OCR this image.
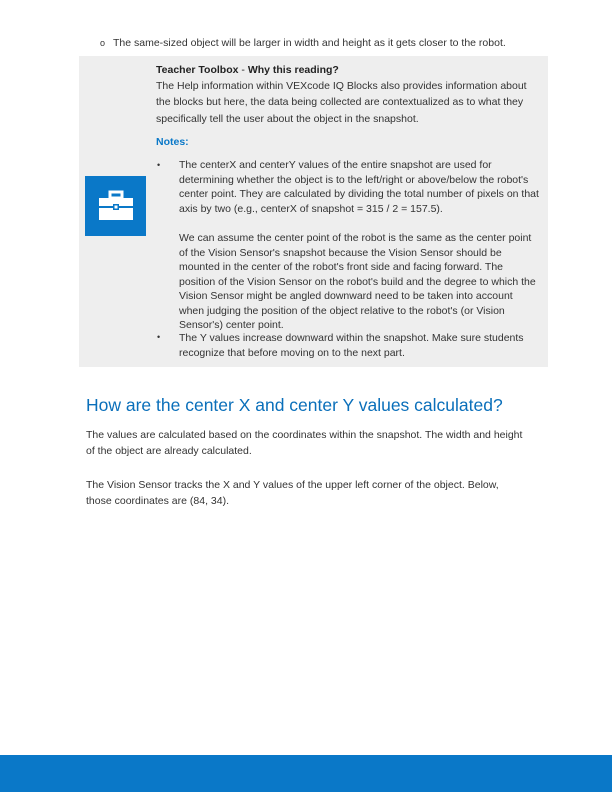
o The same-sized object will be larger in width and height as it gets closer to the robot.
Teacher Toolbox - Why this reading?
The Help information within VEXcode IQ Blocks also provides information about the blocks but here, the data being collected are contextualized as to what they specifically tell the user about the object in the snapshot.
Notes:
• The centerX and centerY values of the entire snapshot are used for determining whether the object is to the left/right or above/below the robot's center point. They are calculated by dividing the total number of pixels on that axis by two (e.g., centerX of snapshot = 315 / 2 = 157.5).
We can assume the center point of the robot is the same as the center point of the Vision Sensor's snapshot because the Vision Sensor should be mounted in the center of the robot's front side and facing forward. The position of the Vision Sensor on the robot's build and the degree to which the Vision Sensor might be angled downward need to be taken into account when judging the position of the object relative to the robot's (or Vision Sensor's) center point.
• The Y values increase downward within the snapshot. Make sure students recognize that before moving on to the next part.
How are the center X and center Y values calculated?
The values are calculated based on the coordinates within the snapshot. The width and height of the object are already calculated.
The Vision Sensor tracks the X and Y values of the upper left corner of the object. Below, those coordinates are (84, 34).
